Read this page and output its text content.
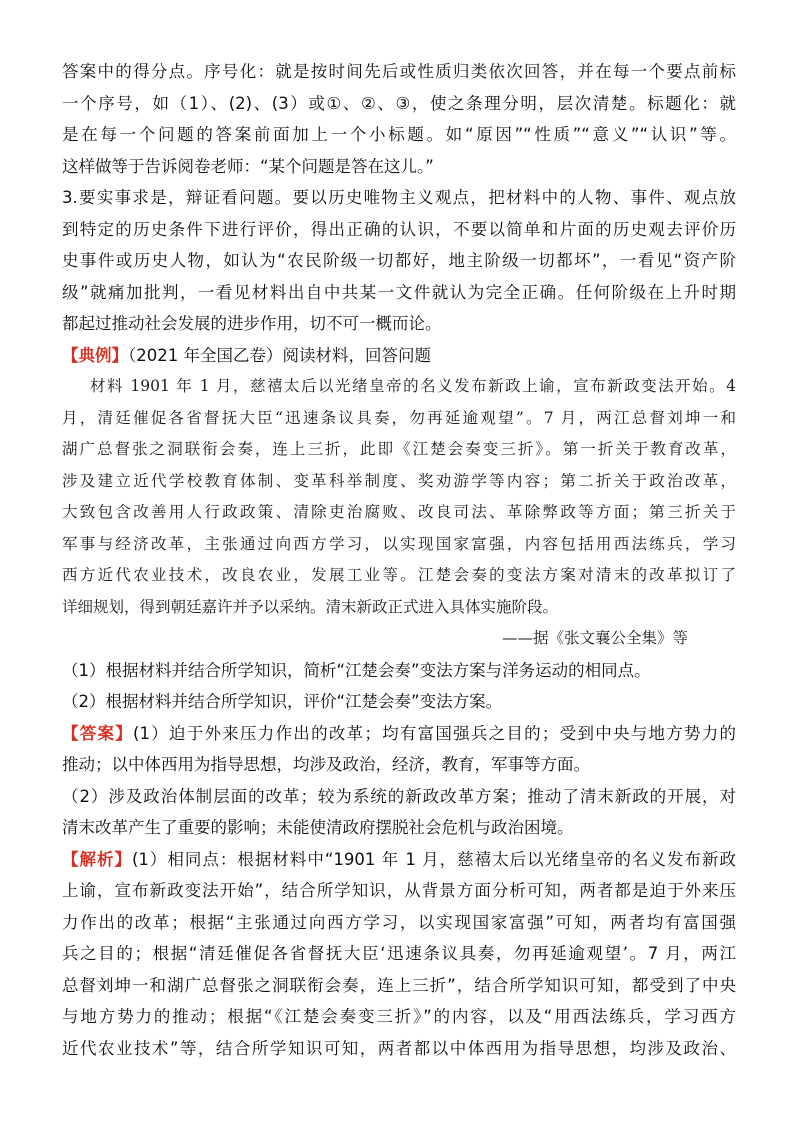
答案中的得分点。序号化：就是按时间先后或性质归类依次回答，并在每一个要点前标
一个序号，如（1）、(2)、(3）或①、②、③，使之条理分明，层次清楚。标题化：就
是在每一个问题的答案前面加上一个小标题。如“原因”“性质”“意义”“认识”等。
这样做等于告诉阅卷老师：“某个问题是答在这儿。”
3.要实事求是，辩证看问题。要以历史唯物主义观点，把材料中的人物、事件、观点放
到特定的历史条件下进行评价，得出正确的认识，不要以简单和片面的历史观去评价历
史事件或历史人物，如认为“农民阶级一切都好，地主阶级一切都坏”，一看见“资产阶
级”就痛加批判，一看见材料出自中共某一文件就认为完全正确。任何阶级在上升时期
都起过推动社会发展的进步作用，切不可一概而论。
【典例】（2021 年全国乙卷）阅读材料，回答问题
材料 1901 年 1 月，慈禧太后以光绪皇帝的名义发布新政上谕，宣布新政变法开始。4
月，清廷催促各省督抚大臣“迅速条议具奏，勿再延逾观望”。7 月，两江总督刘坤一和
湖广总督张之洞联衔会奏，连上三折，此即《江楚会奏变三折》。第一折关于教育改革，
涉及建立近代学校教育体制、变革科举制度、奖劝游学等内容；第二折关于政治改革，
大致包含改善用人行政政策、清除吏治腐败、改良司法、革除弊政等方面；第三折关于
军事与经济改革，主张通过向西方学习，以实现国家富强，内容包括用西法练兵，学习
西方近代农业技术，改良农业，发展工业等。江楚会奏的变法方案对清末的改革拟订了
详细规划，得到朝廷嘉许并予以采纳。清末新政正式进入具体实施阶段。
——据《张文襄公全集》等
（1）根据材料并结合所学知识，简析“江楚会奏”变法方案与洋务运动的相同点。
（2）根据材料并结合所学知识，评价“江楚会奏”变法方案。
【答案】(1）迫于外来压力作出的改革；均有富国强兵之目的；受到中央与地方势力的
推动；以中体西用为指导思想，均涉及政治，经济，教育，军事等方面。
（2）涉及政治体制层面的改革；较为系统的新政改革方案；推动了清末新政的开展，对
清末改革产生了重要的影响；未能使清政府摆脱社会危机与政治困境。
【解析】(1）相同点：根据材料中“1901 年 1 月，慈禧太后以光绪皇帝的名义发布新政
上谕，宣布新政变法开始”，结合所学知识，从背景方面分析可知，两者都是迫于外来压
力作出的改革；根据“主张通过向西方学习，以实现国家富强”可知，两者均有富国强
兵之目的；根据“清廷催促各省督抚大臣‘迅速条议具奏，勿再延逾观望’。7 月，两江
总督刘坤一和湖广总督张之洞联衔会奏，连上三折”，结合所学知识可知，都受到了中央
与地方势力的推动；根据“《江楚会奏变三折》”的内容，以及“用西法练兵，学习西方
近代农业技术”等，结合所学知识可知，两者都以中体西用为指导思想，均涉及政治、
